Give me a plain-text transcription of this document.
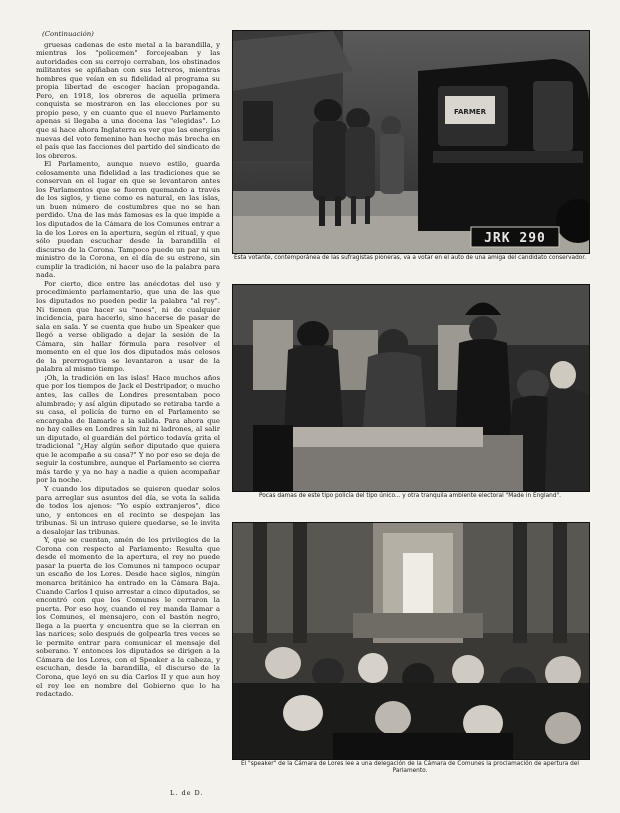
(Continuación)

gruesas cadenas de este metal a la barandilla, y mientras los "policemen" forcejeaban y las autoridades con su cerrojo cerraban, los obstinados militantes se apiñaban con sus letreros, mientras hombres que veían en su fidelidad al programa su propia libertad de escoger hacían propaganda. Pero, en 1918, los obreros de aquella primera conquista se mostraron en las elecciones por su propio peso, y en cuanto que el nuevo Parlamento apenas si llegaba a una docena las "elegidas". Lo que si hace ahora Inglaterra es ver que las energías nuevas del voto femenino han hecho más brecha en el país que las facciones del partido del sindicato de los obreros.

El Parlamento, aunque nuevo estilo, guarda celosamente una fidelidad a las tradiciones que se conservan en el lugar en que se levantaron antes los Parlamentos que se fueron quemando a través de los siglos, y tiene como es natural, en las islas, un buen número de costumbres que no se han perdido. Una de las más famosas es la que impide a los diputados de la Cámara de los Comunes entrar a la de los Lores en la apertura, según el ritual, y que sólo puedan escuchar desde la barandilla el discurso de la Corona. Tampoco puede un par ni un ministro de la Corona, en el día de su estreno, sin cumplir la tradición, ni hacer uso de la palabra para nada.

Por cierto, dice entre las anécdotas del uso y procedimiento parlamentario, que una de las que los diputados no pueden pedir la palabra "al rey". Ni tienen que hacer su "noes", ni de cualquier incidencia, para hacerlo, sino hacerse de pasar de sala en sala. Y se cuenta que hubo un Speaker que llegó a verse obligado a dejar la sesión de la Cámara, sin hallar fórmula para resolver el momento en el que los dos diputados más celosos de la prerrogativa se levantaron a usar de la palabra al mismo tiempo.

¡Oh, la tradición en las islas! Hace muchos años que por los tiempos de Jack el Destripador, o mucho antes, las calles de Londres presentaban poco alumbrado; y así algún diputado se retiraba tarde a su casa, el policía de turno en el Parlamento se encargaba de llamarle a la salida. Para ahora que no hay calles en Londres sin luz ni ladrones, al salir un diputado, el guardián del pórtico todavía grita el tradicional "¿Hay algún señor diputado que quiera que le acompañe a su casa?" Y no por eso se deja de seguir la costumbre, aunque el Parlamento se cierra más tarde y ya no hay a nadie a quien acompañar por la noche.

Y cuando los diputados se quieren quedar solos para arreglar sus asuntos del día, se vota la salida de todos los ajenos: "Yo espío extranjeros", dice uno, y entonces en el recinto se despejan las tribunas. Si un intruso quiere quedarse, se le invita a desalojar las tribunas.

Y, que se cuentan, amén de los privilegios de la Corona con respecto al Parlamento: Resulta que desde el momento de la apertura, el rey no puede pasar la puerta de los Comunes ni tampoco ocupar un escaño de los Lores. Desde hace siglos, ningún monarca británico ha entrado en la Cámara Baja. Cuando Carlos I quiso arrestar a cinco diputados, se encontró con que los Comunes le cerraron la puerta. Por eso hoy, cuando el rey manda llamar a los Comunes, el mensajero, con el bastón negro, llega a la puerta y encuentra que se la cierran en las narices; solo después de golpearla tres veces se le permite entrar para comunicar el mensaje del soberano. Y entonces los diputados se dirigen a la Cámara de los Lores, con el Speaker a la cabeza, y escuchan, desde la barandilla, el discurso de la Corona, que leyó en su día Carlos II y que aun hoy el rey lee en nombre del Gobierno que lo ha redactado.

FARMER
JRK 290
Esta votante, contemporánea de las sufragistas pioneras, va a votar en el auto de una amiga del candidato conservador.
Pocas damas de este tipo policía del tipo único... y otra tranquila ambiente electoral "Made in England".
El "speaker" de la Cámara de Lores lee a una delegación de la Cámara de Comunes la proclamación de apertura del Parlamento.
L. de D.
